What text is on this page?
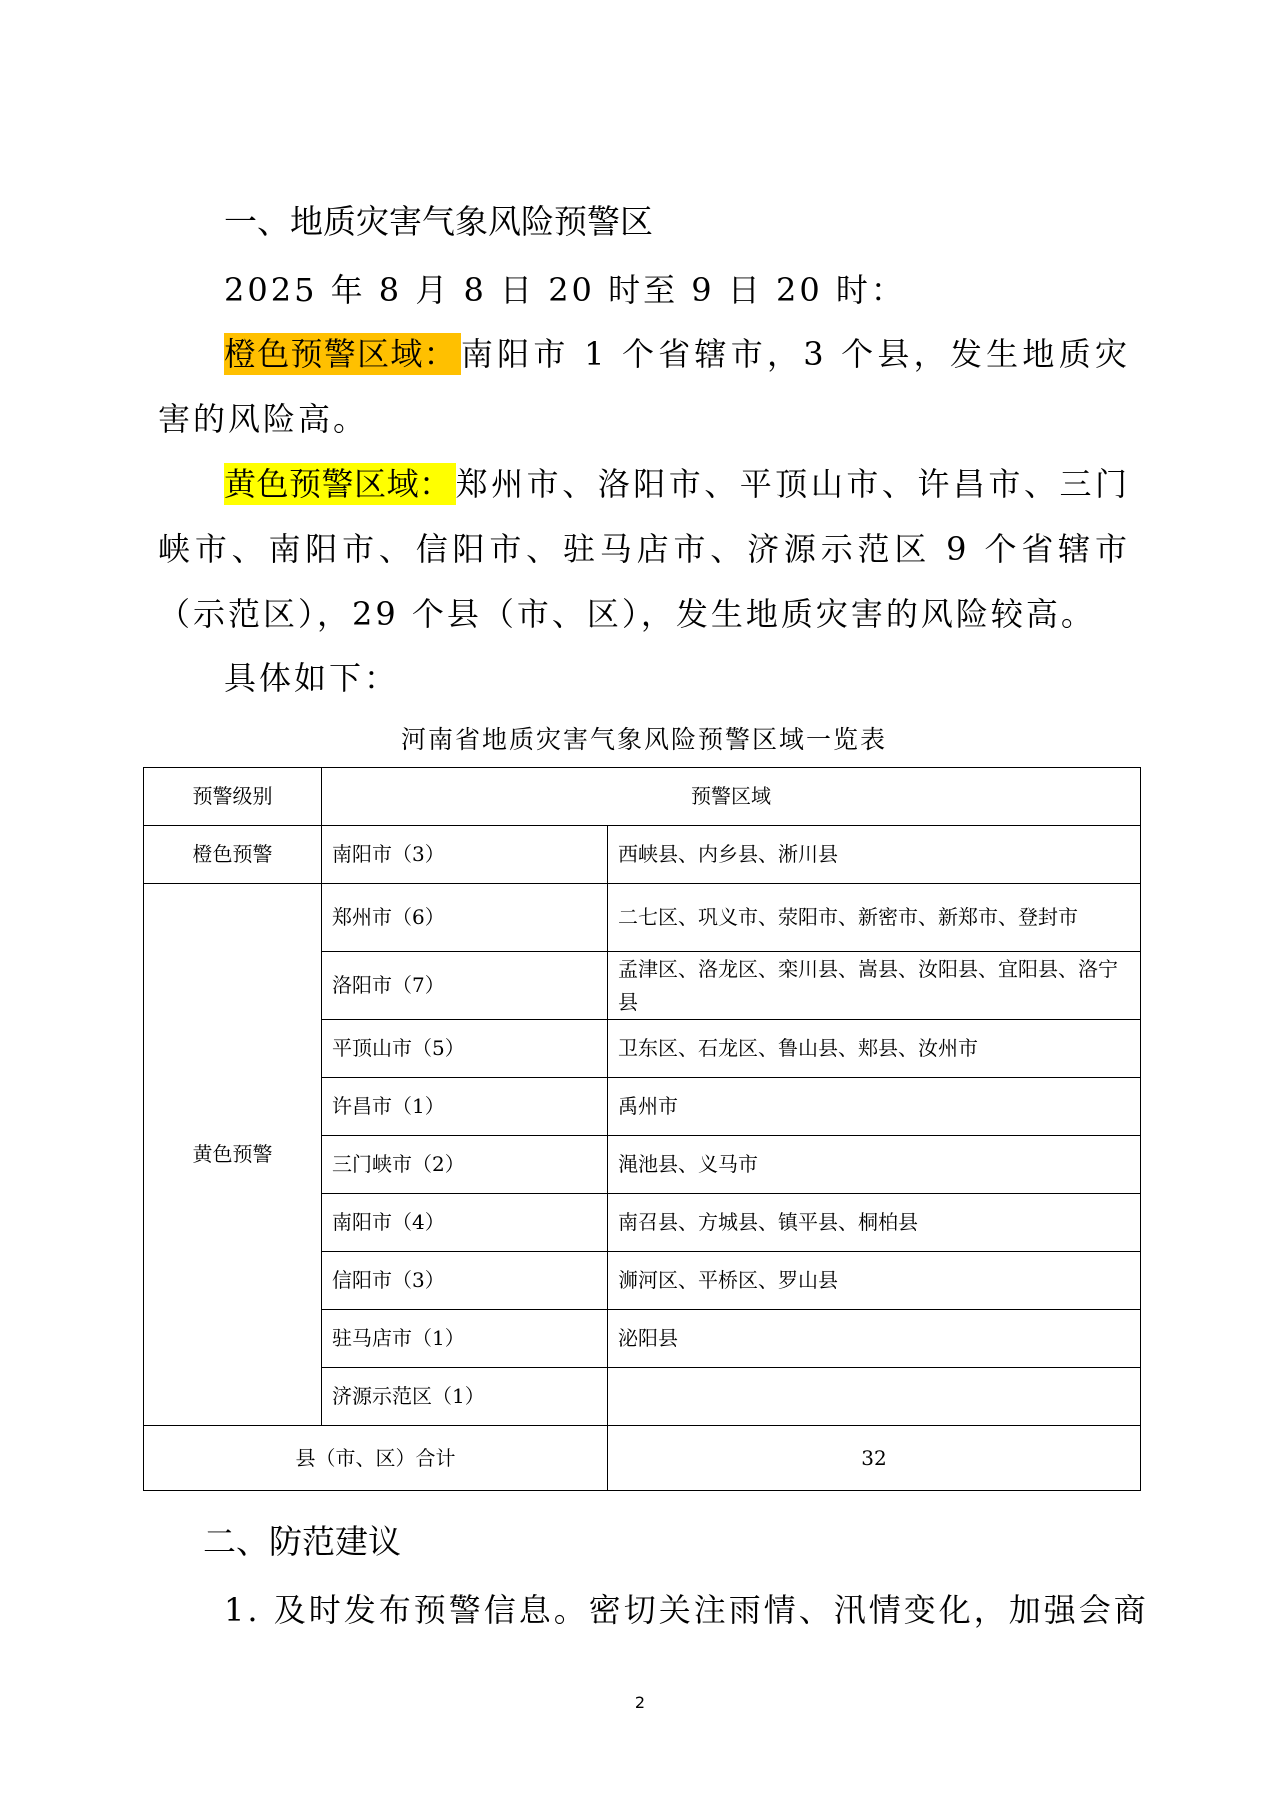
一、地质灾害气象风险预警区
2025 年 8 月 8 日 20 时至 9 日 20 时：
橙色预警区域： 南阳市 1 个省辖市，3 个县，发生地质灾害的风险高。
黄色预警区域： 郑州市、洛阳市、平顶山市、许昌市、三门峡市、南阳市、信阳市、驻马店市、济源示范区 9 个省辖市（示范区），29 个县（市、区），发生地质灾害的风险较高。
具体如下：
河南省地质灾害气象风险预警区域一览表
预警级别	预警区域	
橙色预警	南阳市（3）	西峡县、内乡县、淅川县
黄色预警	郑州市（6）	二七区、巩义市、荥阳市、新密市、新郑市、登封市
	洛阳市（7）	孟津区、洛龙区、栾川县、嵩县、汝阳县、宜阳县、洛宁县
	平顶山市（5）	卫东区、石龙区、鲁山县、郏县、汝州市
	许昌市（1）	禹州市
	三门峡市（2）	渑池县、义马市
	南阳市（4）	南召县、方城县、镇平县、桐柏县
	信阳市（3）	浉河区、平桥区、罗山县
	驻马店市（1）	泌阳县
	济源示范区（1）	
县（市、区）合计		32
二、防范建议
1. 及时发布预警信息。密切关注雨情、汛情变化，加强会商
2
